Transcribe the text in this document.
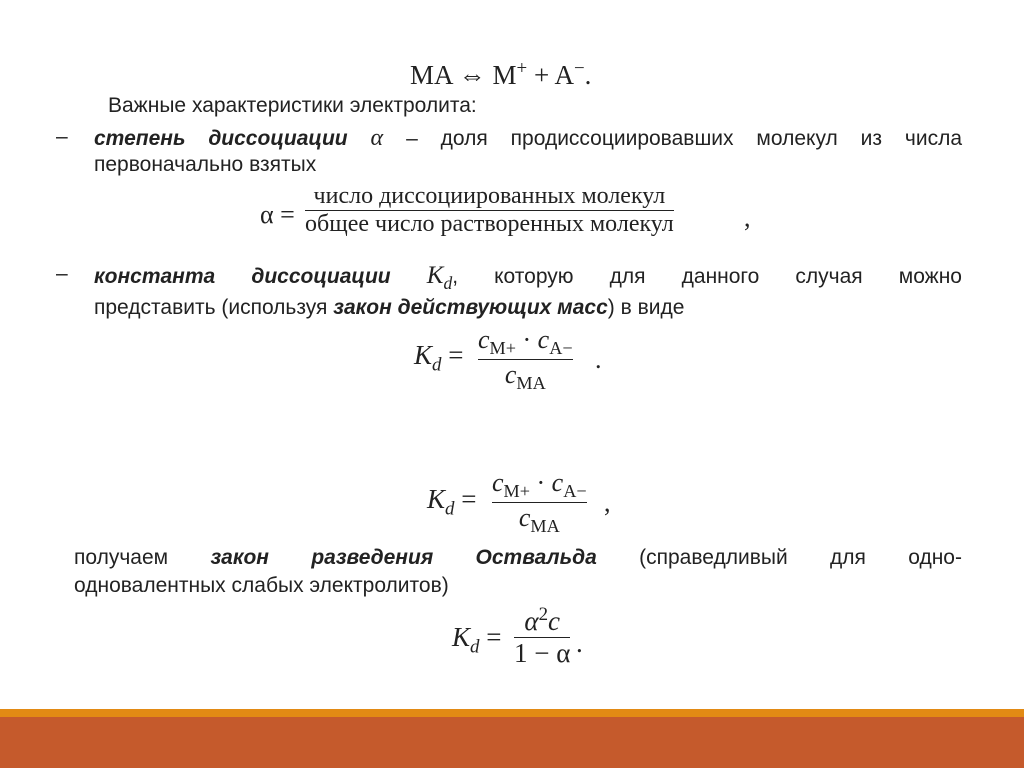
MA ⇔ M+ + A−.
Важные характеристики электролита:
– степень диссоциации α – доля продиссоциировавших молекул из числа
первоначально взятых
α =
число диссоциированных молекул
общее число растворенных молекул	,
– константа диссоциации $K_d$, которую для данного случая можно
представить (используя закон действующих масс) в виде
$K_d$ =
$c_{M+} \cdot c_{A-}$
$c_{MA}$
.
$K_d$ =
$c_{M+} \cdot c_{A-}$
$c_{MA}$
,
получаем закон разведения Оствальда (справедливый для одно-
одновалентных слабых электролитов)
$K_d$ =
$\alpha^2c$
1 − α .
